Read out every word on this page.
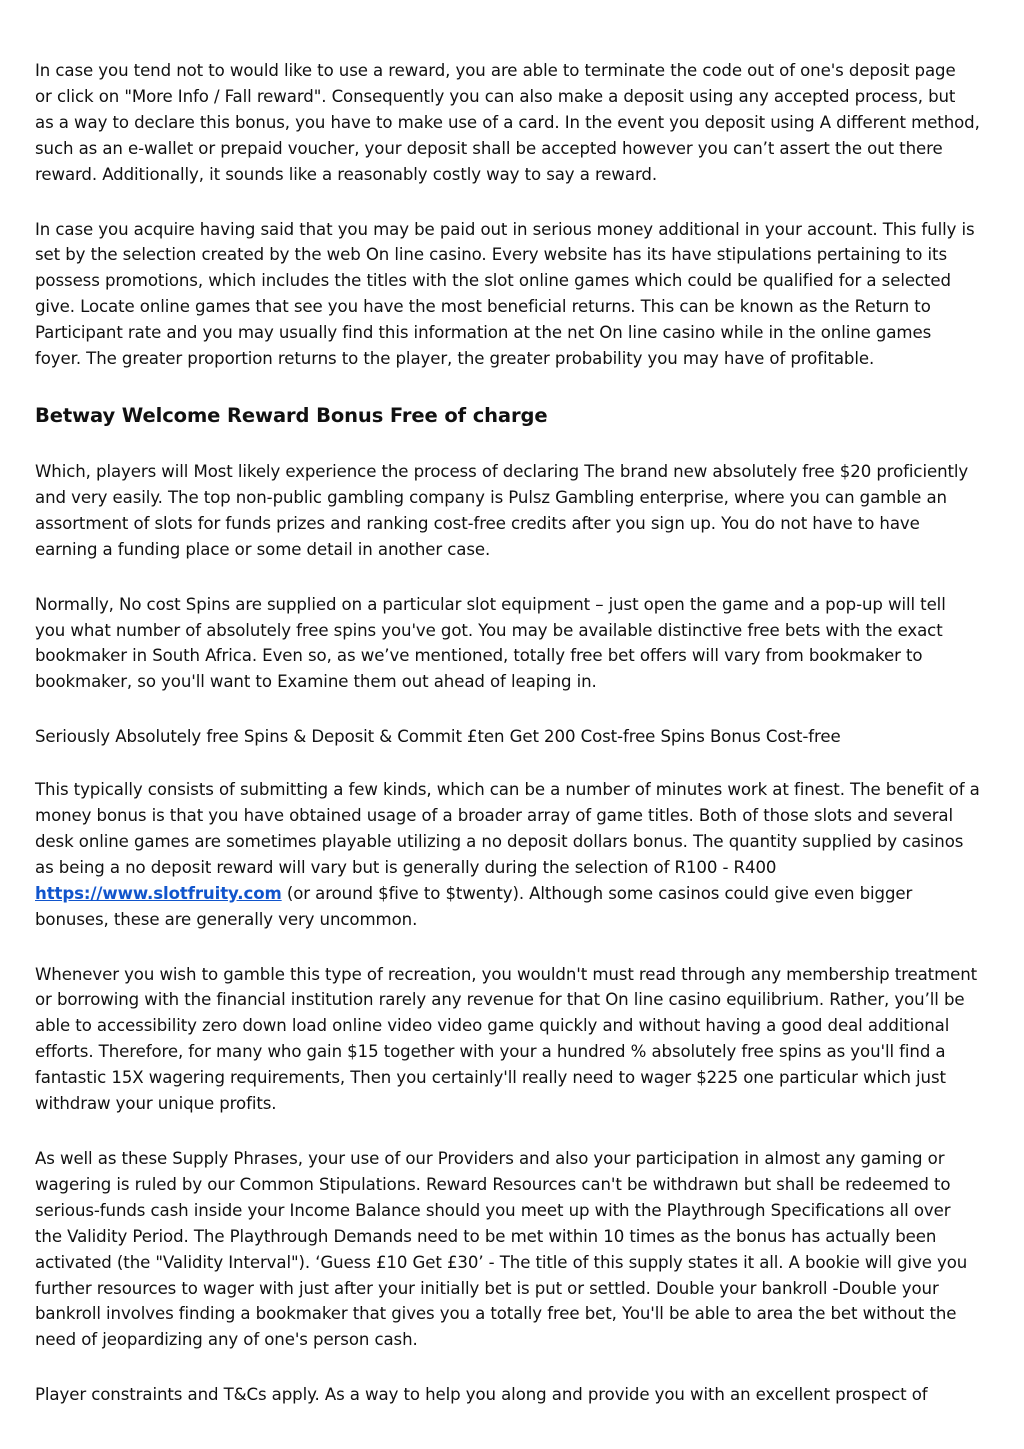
In case you tend not to would like to use a reward, you are able to terminate the code out of one's deposit page
or click on "More Info / Fall reward". Consequently you can also make a deposit using any accepted process, but
as a way to declare this bonus, you have to make use of a card. In the event you deposit using A different method,
such as an e-wallet or prepaid voucher, your deposit shall be accepted however you can’t assert the out there
reward. Additionally, it sounds like a reasonably costly way to say a reward.

In case you acquire having said that you may be paid out in serious money additional in your account. This fully is
set by the selection created by the web On line casino. Every website has its have stipulations pertaining to its
possess promotions, which includes the titles with the slot online games which could be qualified for a selected
give. Locate online games that see you have the most beneficial returns. This can be known as the Return to
Participant rate and you may usually find this information at the net On line casino while in the online games
foyer. The greater proportion returns to the player, the greater probability you may have of profitable.

Betway Welcome Reward Bonus Free of charge

Which, players will Most likely experience the process of declaring The brand new absolutely free $20 proficiently
and very easily. The top non-public gambling company is Pulsz Gambling enterprise, where you can gamble an
assortment of slots for funds prizes and ranking cost-free credits after you sign up. You do not have to have
earning a funding place or some detail in another case.

Normally, No cost Spins are supplied on a particular slot equipment – just open the game and a pop-up will tell
you what number of absolutely free spins you've got. You may be available distinctive free bets with the exact
bookmaker in South Africa. Even so, as we’ve mentioned, totally free bet offers will vary from bookmaker to
bookmaker, so you'll want to Examine them out ahead of leaping in.

Seriously Absolutely free Spins & Deposit & Commit £ten Get 200 Cost-free Spins Bonus Cost-free

This typically consists of submitting a few kinds, which can be a number of minutes work at finest. The benefit of a
money bonus is that you have obtained usage of a broader array of game titles. Both of those slots and several
desk online games are sometimes playable utilizing a no deposit dollars bonus. The quantity supplied by casinos
as being a no deposit reward will vary but is generally during the selection of R100 - R400
https://www.slotfruity.com (or around $five to $twenty). Although some casinos could give even bigger
bonuses, these are generally very uncommon.

Whenever you wish to gamble this type of recreation, you wouldn't must read through any membership treatment
or borrowing with the financial institution rarely any revenue for that On line casino equilibrium. Rather, you’ll be
able to accessibility zero down load online video video game quickly and without having a good deal additional
efforts. Therefore, for many who gain $15 together with your a hundred % absolutely free spins as you'll find a
fantastic 15X wagering requirements, Then you certainly'll really need to wager $225 one particular which just
withdraw your unique profits.

As well as these Supply Phrases, your use of our Providers and also your participation in almost any gaming or
wagering is ruled by our Common Stipulations. Reward Resources can't be withdrawn but shall be redeemed to
serious-funds cash inside your Income Balance should you meet up with the Playthrough Specifications all over
the Validity Period. The Playthrough Demands need to be met within 10 times as the bonus has actually been
activated (the "Validity Interval"). ‘Guess £10 Get £30’ - The title of this supply states it all. A bookie will give you
further resources to wager with just after your initially bet is put or settled. Double your bankroll -Double your
bankroll involves finding a bookmaker that gives you a totally free bet, You'll be able to area the bet without the
need of jeopardizing any of one's person cash.

Player constraints and T&Cs apply. As a way to help you along and provide you with an excellent prospect of
